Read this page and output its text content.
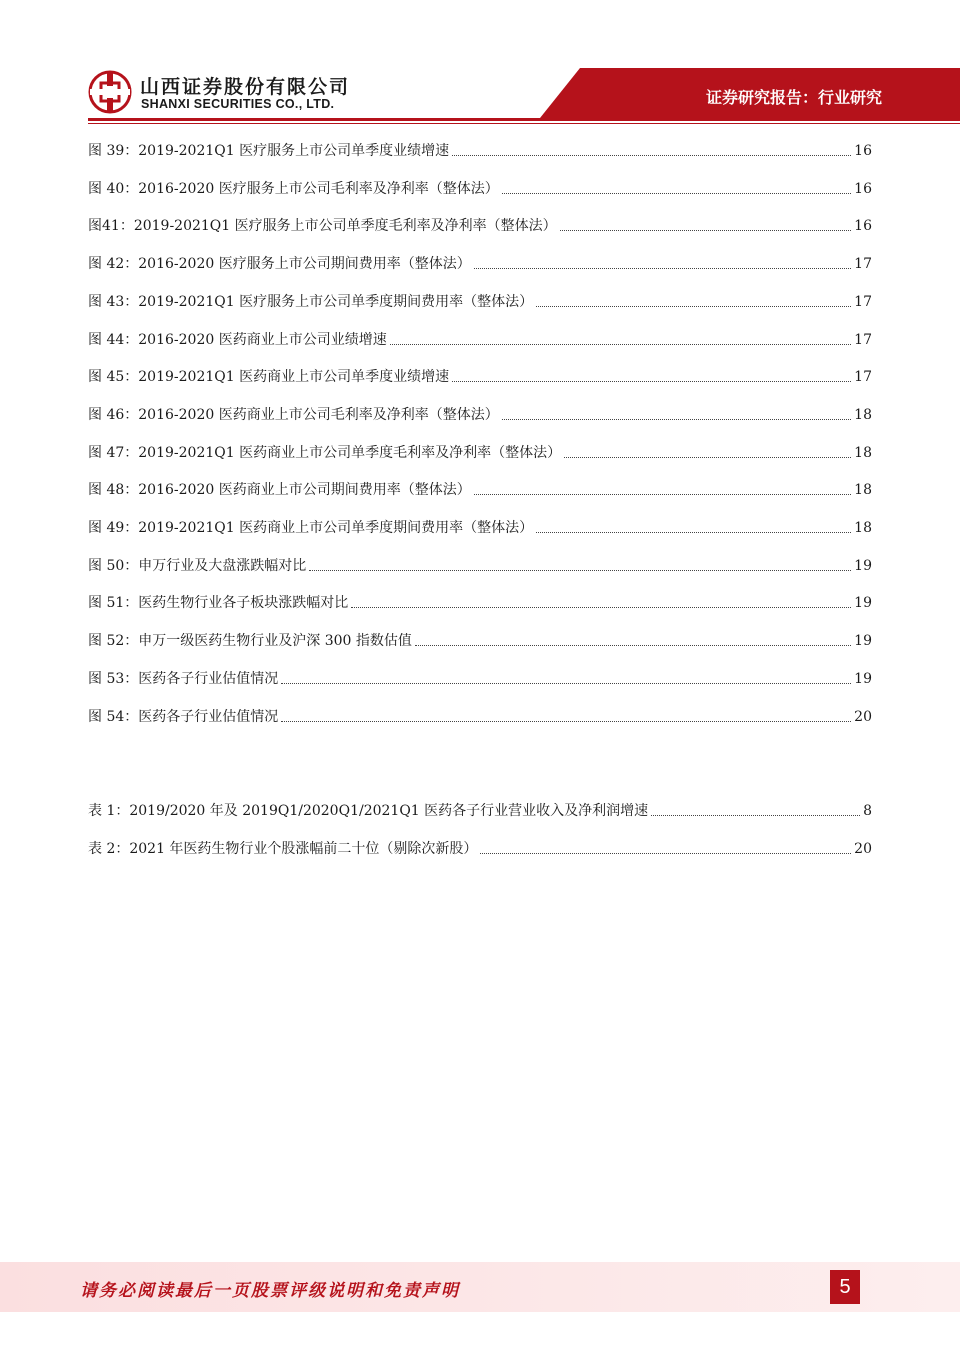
山西证券股份有限公司
SHANXI SECURITIES CO., LTD.	证券研究报告：行业研究
图 39：2019-2021Q1 医疗服务上市公司单季度业绩增速	16
图 40：2016-2020 医疗服务上市公司毛利率及净利率（整体法）	16
图41：2019-2021Q1 医疗服务上市公司单季度毛利率及净利率（整体法）	16
图 42：2016-2020 医疗服务上市公司期间费用率（整体法）	17
图 43：2019-2021Q1 医疗服务上市公司单季度期间费用率（整体法）	17
图 44：2016-2020 医药商业上市公司业绩增速	17
图 45：2019-2021Q1 医药商业上市公司单季度业绩增速	17
图 46：2016-2020 医药商业上市公司毛利率及净利率（整体法）	18
图 47：2019-2021Q1 医药商业上市公司单季度毛利率及净利率（整体法）	18
图 48：2016-2020 医药商业上市公司期间费用率（整体法）	18
图 49：2019-2021Q1 医药商业上市公司单季度期间费用率（整体法）	18
图 50：申万行业及大盘涨跌幅对比	19
图 51：医药生物行业各子板块涨跌幅对比	19
图 52：申万一级医药生物行业及沪深 300 指数估值	19
图 53：医药各子行业估值情况	19
图 54：医药各子行业估值情况	20
表 1：2019/2020 年及 2019Q1/2020Q1/2021Q1 医药各子行业营业收入及净利润增速	8
表 2：2021 年医药生物行业个股涨幅前二十位（剔除次新股）	20
请务必阅读最后一页股票评级说明和免责声明	5
